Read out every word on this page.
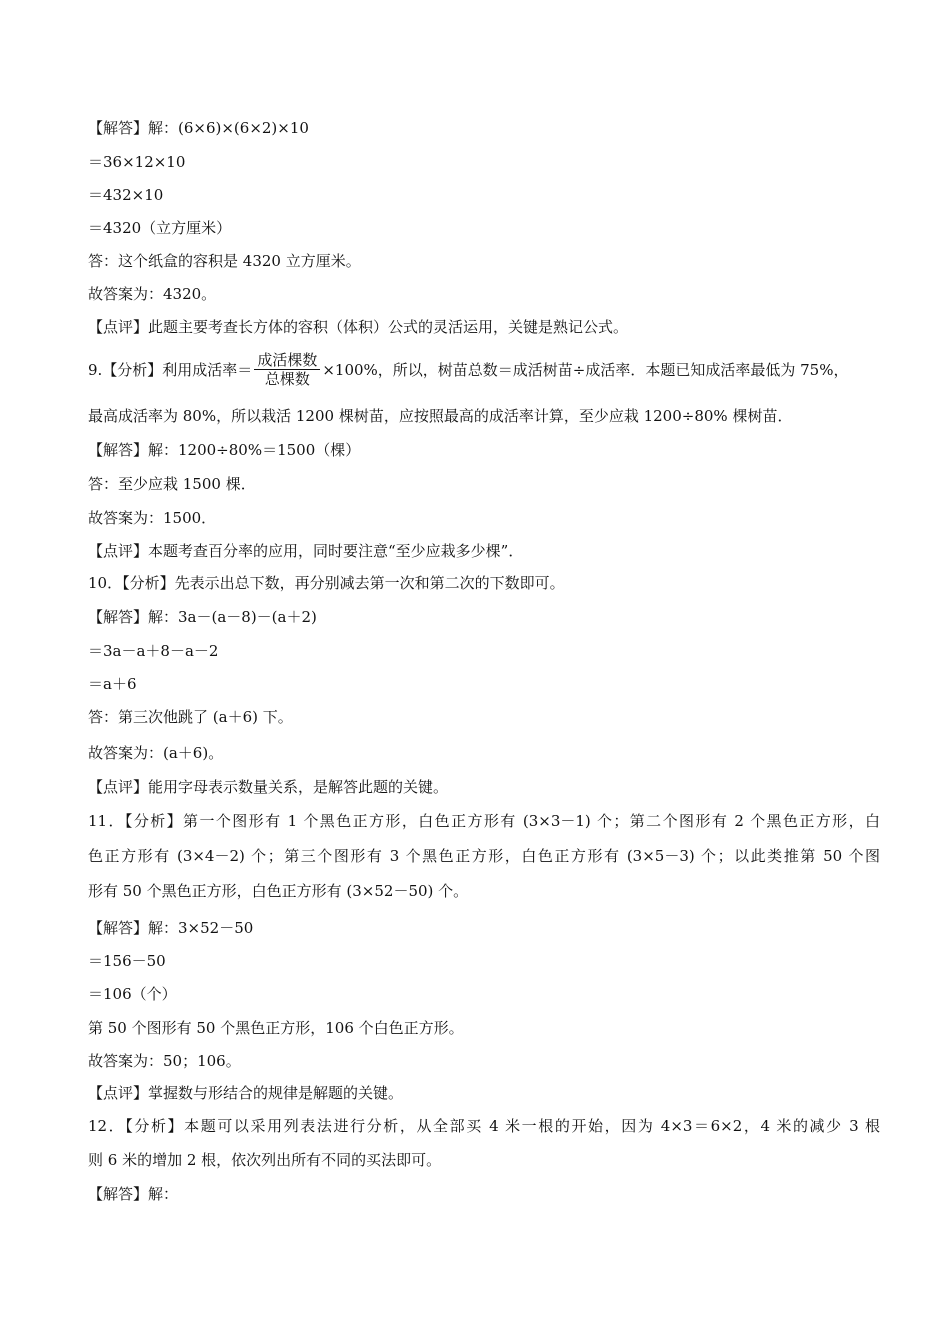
【解答】解：(6×6)×(6×2)×10
＝36×12×10
＝432×10
＝4320（立方厘米）
答：这个纸盒的容积是 4320 立方厘米。
故答案为：4320。
【点评】此题主要考查长方体的容积（体积）公式的灵活运用，关键是熟记公式。
9.【分析】利用成活率＝ $\frac{\text{成活棵数}}{\text{总棵数}} \times 100\%$，所以，树苗总数＝成活树苗÷成活率．本题已知成活率最低为 75%，
最高成活率为 80%，所以栽活 1200 棵树苗，应按照最高的成活率计算，至少应栽 1200÷80% 棵树苗．
【解答】解：1200÷80%＝1500（棵）
答：至少应栽 1500 棵．
故答案为：1500．
【点评】本题考查百分率的应用，同时要注意“至少应栽多少棵”．
10．【分析】先表示出总下数，再分别减去第一次和第二次的下数即可。
【解答】解：3a－(a－8)－(a＋2)
＝3a－a＋8－a－2
＝a＋6
答：第三次他跳了 (a＋6) 下。
故答案为：(a＋6)。
【点评】能用字母表示数量关系，是解答此题的关键。
11．【分析】第一个图形有 1 个黑色正方形，白色正方形有 (3×3－1) 个；第二个图形有 2 个黑色正方形，白
色正方形有 (3×4－2) 个；第三个图形有 3 个黑色正方形，白色正方形有 (3×5－3) 个；以此类推第 50 个图
形有 50 个黑色正方形，白色正方形有 (3×52－50) 个。
【解答】解：3×52－50
＝156－50
＝106（个）
第 50 个图形有 50 个黑色正方形，106 个白色正方形。
故答案为：50；106。
【点评】掌握数与形结合的规律是解题的关键。
12．【分析】本题可以采用列表法进行分析，从全部买 4 米一根的开始，因为 4×3＝6×2，4 米的减少 3 根
则 6 米的增加 2 根，依次列出所有不同的买法即可。
【解答】解：
